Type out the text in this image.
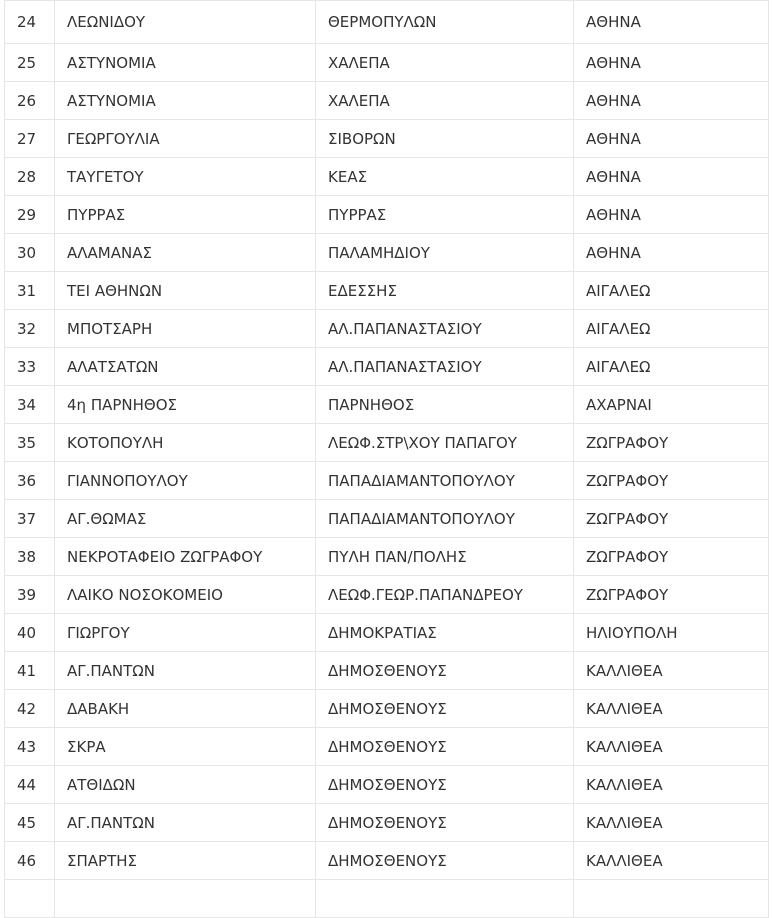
24	ΛΕΩΝΙΔΟΥ	ΘΕΡΜΟΠΥΛΩΝ	ΑΘΗΝΑ
25	ΑΣΤΥΝΟΜΙΑ	ΧΑΛΕΠΑ	ΑΘΗΝΑ
26	ΑΣΤΥΝΟΜΙΑ	ΧΑΛΕΠΑ	ΑΘΗΝΑ
27	ΓΕΩΡΓΟΥΛΙΑ	ΣΙΒΟΡΩΝ	ΑΘΗΝΑ
28	ΤΑΥΓΕΤΟΥ	ΚΕΑΣ	ΑΘΗΝΑ
29	ΠΥΡΡΑΣ	ΠΥΡΡΑΣ	ΑΘΗΝΑ
30	ΑΛΑΜΑΝΑΣ	ΠΑΛΑΜΗΔΙΟΥ	ΑΘΗΝΑ
31	ΤΕΙ ΑΘΗΝΩΝ	ΕΔΕΣΣΗΣ	ΑΙΓΑΛΕΩ
32	ΜΠΟΤΣΑΡΗ	ΑΛ.ΠΑΠΑΝΑΣΤΑΣΙΟΥ	ΑΙΓΑΛΕΩ
33	ΑΛΑΤΣΑΤΩΝ	ΑΛ.ΠΑΠΑΝΑΣΤΑΣΙΟΥ	ΑΙΓΑΛΕΩ
34	4η ΠΑΡΝΗΘΟΣ	ΠΑΡΝΗΘΟΣ	ΑΧΑΡΝΑΙ
35	ΚΟΤΟΠΟΥΛΗ	ΛΕΩΦ.ΣΤΡ\ΧΟΥ ΠΑΠΑΓΟΥ	ΖΩΓΡΑΦΟΥ
36	ΓΙΑΝΝΟΠΟΥΛΟΥ	ΠΑΠΑΔΙΑΜΑΝΤΟΠΟΥΛΟΥ	ΖΩΓΡΑΦΟΥ
37	ΑΓ.ΘΩΜΑΣ	ΠΑΠΑΔΙΑΜΑΝΤΟΠΟΥΛΟΥ	ΖΩΓΡΑΦΟΥ
38	ΝΕΚΡΟΤΑΦΕΙΟ ΖΩΓΡΑΦΟΥ	ΠΥΛΗ ΠΑΝ/ΠΟΛΗΣ	ΖΩΓΡΑΦΟΥ
39	ΛΑΙΚΟ ΝΟΣΟΚΟΜΕΙΟ	ΛΕΩΦ.ΓΕΩΡ.ΠΑΠΑΝΔΡΕΟΥ	ΖΩΓΡΑΦΟΥ
40	ΓΙΩΡΓΟΥ	ΔΗΜΟΚΡΑΤΙΑΣ	ΗΛΙΟΥΠΟΛΗ
41	ΑΓ.ΠΑΝΤΩΝ	ΔΗΜΟΣΘΕΝΟΥΣ	ΚΑΛΛΙΘΕΑ
42	ΔΑΒΑΚΗ	ΔΗΜΟΣΘΕΝΟΥΣ	ΚΑΛΛΙΘΕΑ
43	ΣΚΡΑ	ΔΗΜΟΣΘΕΝΟΥΣ	ΚΑΛΛΙΘΕΑ
44	ΑΤΘΙΔΩΝ	ΔΗΜΟΣΘΕΝΟΥΣ	ΚΑΛΛΙΘΕΑ
45	ΑΓ.ΠΑΝΤΩΝ	ΔΗΜΟΣΘΕΝΟΥΣ	ΚΑΛΛΙΘΕΑ
46	ΣΠΑΡΤΗΣ	ΔΗΜΟΣΘΕΝΟΥΣ	ΚΑΛΛΙΘΕΑ
